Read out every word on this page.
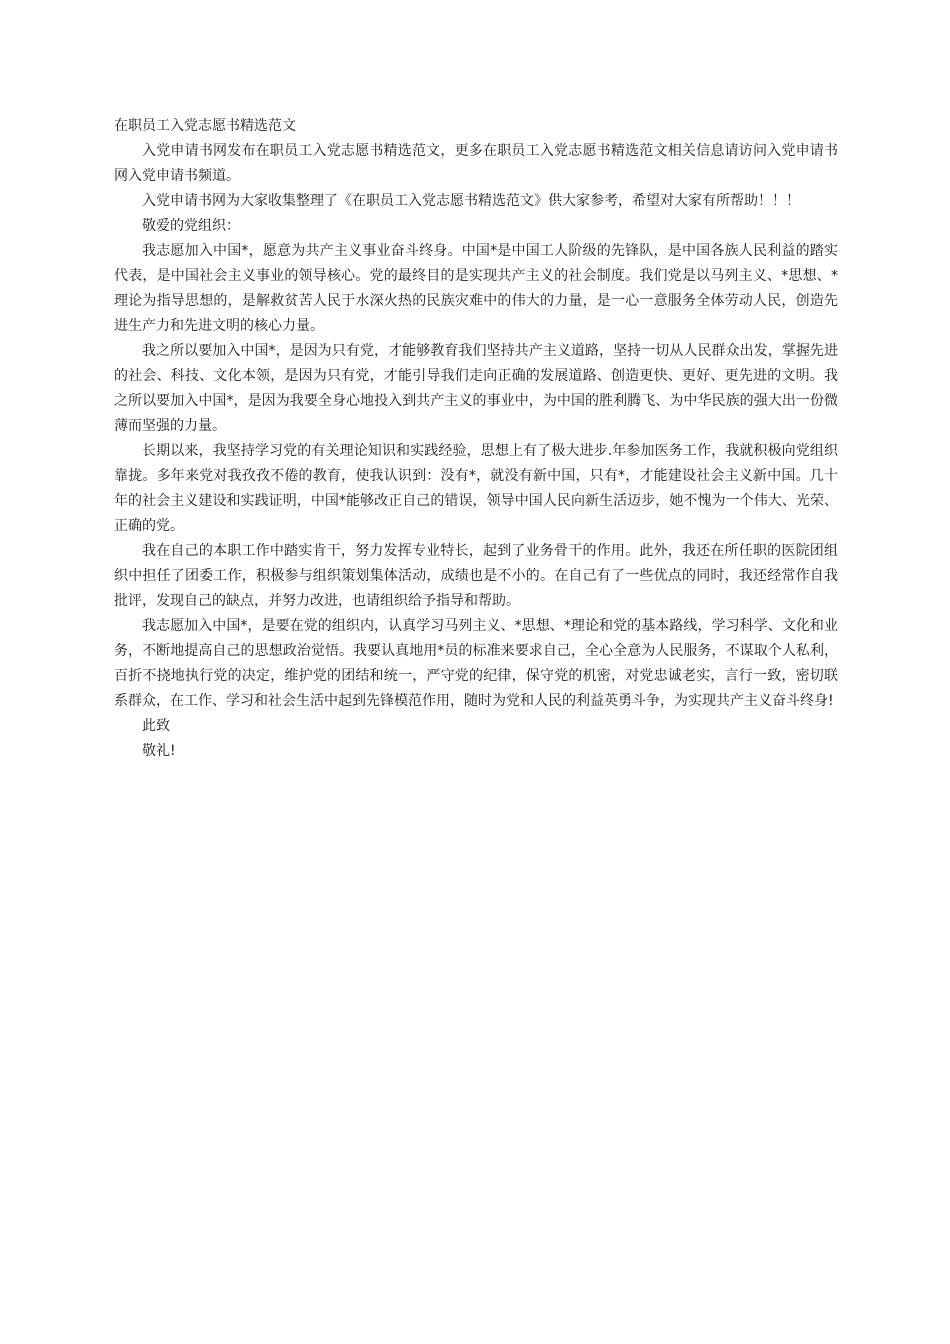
在职员工入党志愿书精选范文

入党申请书网发布在职员工入党志愿书精选范文，更多在职员工入党志愿书精选范文相关信息请访问入党申请书网入党申请书频道。

入党申请书网为大家收集整理了《在职员工入党志愿书精选范文》供大家参考，希望对大家有所帮助！！！

敬爱的党组织：

我志愿加入中国*，愿意为共产主义事业奋斗终身。中国*是中国工人阶级的先锋队，是中国各族人民利益的踏实代表，是中国社会主义事业的领导核心。党的最终目的是实现共产主义的社会制度。我们党是以马列主义、*思想、*理论为指导思想的，是解救贫苦人民于水深火热的民族灾难中的伟大的力量，是一心一意服务全体劳动人民，创造先进生产力和先进文明的核心力量。

我之所以要加入中国*，是因为只有党，才能够教育我们坚持共产主义道路，坚持一切从人民群众出发，掌握先进的社会、科技、文化本领，是因为只有党，才能引导我们走向正确的发展道路、创造更快、更好、更先进的文明。我之所以要加入中国*，是因为我要全身心地投入到共产主义的事业中，为中国的胜利腾飞、为中华民族的强大出一份微薄而坚强的力量。

长期以来，我坚持学习党的有关理论知识和实践经验，思想上有了极大进步.年参加医务工作，我就积极向党组织靠拢。多年来党对我孜孜不倦的教育，使我认识到：没有*，就没有新中国，只有*，才能建设社会主义新中国。几十年的社会主义建设和实践证明，中国*能够改正自己的错误，领导中国人民向新生活迈步，她不愧为一个伟大、光荣、正确的党。

我在自己的本职工作中踏实肯干，努力发挥专业特长，起到了业务骨干的作用。此外，我还在所任职的医院团组织中担任了团委工作，积极参与组织策划集体活动，成绩也是不小的。在自己有了一些优点的同时，我还经常作自我批评，发现自己的缺点，并努力改进，也请组织给予指导和帮助。

我志愿加入中国*，是要在党的组织内，认真学习马列主义、*思想、*理论和党的基本路线，学习科学、文化和业务，不断地提高自己的思想政治觉悟。我要认真地用*员的标准来要求自己，全心全意为人民服务，不谋取个人私利，百折不挠地执行党的决定，维护党的团结和统一，严守党的纪律，保守党的机密，对党忠诚老实，言行一致，密切联系群众，在工作、学习和社会生活中起到先锋模范作用，随时为党和人民的利益英勇斗争，为实现共产主义奋斗终身!

此致

敬礼!
